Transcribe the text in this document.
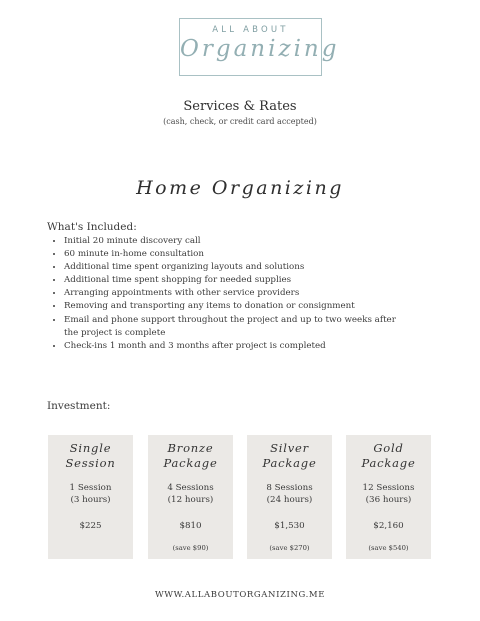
ALL ABOUT
Organizing
Services & Rates
(cash, check, or credit card accepted)
Home Organizing
What's Included:
• Initial 20 minute discovery call
• 60 minute in-home consultation
• Additional time spent organizing layouts and solutions
• Additional time spent shopping for needed supplies
• Arranging appointments with other service providers
• Removing and transporting any items to donation or consignment
• Email and phone support throughout the project and up to two weeks after the project is complete
• Check-ins 1 month and 3 months after project is completed
Investment:
Single
Session
1 Session
(3 hours)
$225
Bronze
Package
4 Sessions
(12 hours)
$810
(save $90)
Silver
Package
8 Sessions
(24 hours)
$1,530
(save $270)
Gold
Package
12 Sessions
(36 hours)
$2,160
(save $540)
WWW.ALLABOUTORGANIZING.ME
